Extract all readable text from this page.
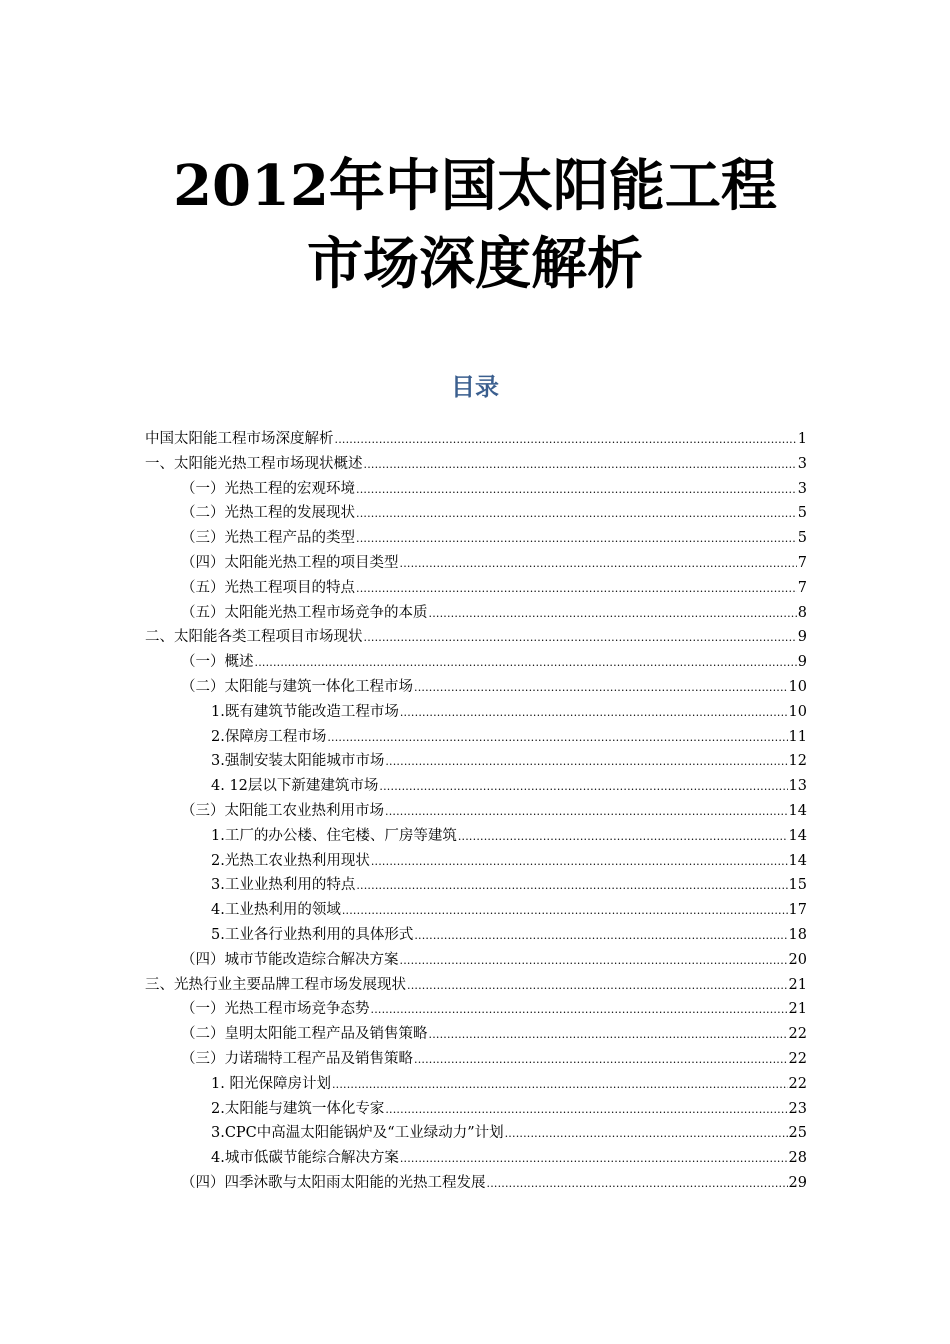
2012年中国太阳能工程
市场深度解析
目录
中国太阳能工程市场深度解析 .....	1
一、太阳能光热工程市场现状概述 .....	3
（一）光热工程的宏观环境 .....	3
（二）光热工程的发展现状 .....	5
（三）光热工程产品的类型 .....	5
（四）太阳能光热工程的项目类型 .....	7
（五）光热工程项目的特点 .....	7
（五）太阳能光热工程市场竞争的本质 .....	8
二、太阳能各类工程项目市场现状 .....	9
（一）概述 .....	9
（二）太阳能与建筑一体化工程市场 .....	10
1.既有建筑节能改造工程市场 .....	10
2.保障房工程市场 .....	11
3.强制安装太阳能城市市场 .....	12
4. 12层以下新建建筑市场 .....	13
（三）太阳能工农业热利用市场 .....	14
1.工厂的办公楼、住宅楼、厂房等建筑 .....	14
2.光热工农业热利用现状 .....	14
3.工业业热利用的特点 .....	15
4.工业热利用的领域 .....	17
5.工业各行业热利用的具体形式 .....	18
（四）城市节能改造综合解决方案 .....	20
三、光热行业主要品牌工程市场发展现状 .....	21
（一）光热工程市场竞争态势 .....	21
（二）皇明太阳能工程产品及销售策略 .....	22
（三）力诺瑞特工程产品及销售策略 .....	22
1. 阳光保障房计划 .....	22
2.太阳能与建筑一体化专家 .....	23
3.CPC中高温太阳能锅炉及“工业绿动力”计划 .....	25
4.城市低碳节能综合解决方案 .....	28
（四）四季沐歌与太阳雨太阳能的光热工程发展 .....	29
